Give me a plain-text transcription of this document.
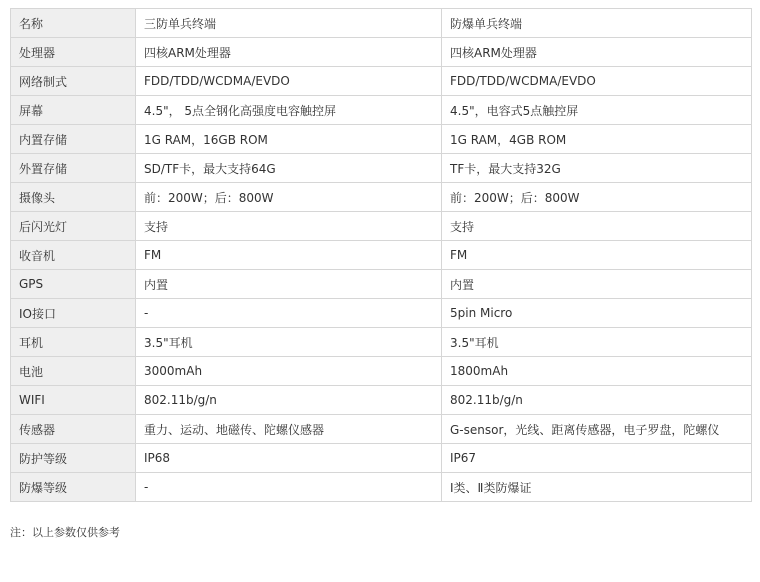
名称	三防单兵终端	防爆单兵终端
处理器	四核ARM处理器	四核ARM处理器
网络制式	FDD/TDD/WCDMA/EVDO	FDD/TDD/WCDMA/EVDO
屏幕	4.5"， 5点全钢化高强度电容触控屏	4.5"，电容式5点触控屏
内置存储	1G RAM，16GB ROM	1G RAM，4GB ROM
外置存储	SD/TF卡，最大支持64G	TF卡，最大支持32G
摄像头	前：200W；后：800W	前：200W；后：800W
后闪光灯	支持	支持
收音机	FM	FM
GPS	内置	内置
IO接口	-	5pin Micro
耳机	3.5"耳机	3.5"耳机
电池	3000mAh	1800mAh
WIFI	802.11b/g/n	802.11b/g/n
传感器	重力、运动、地磁传、陀螺仪感器	G-sensor，光线、距离传感器，电子罗盘，陀螺仪
防护等级	IP68	IP67
防爆等级	-	Ⅰ类、Ⅱ类防爆证
注：以上参数仅供参考
